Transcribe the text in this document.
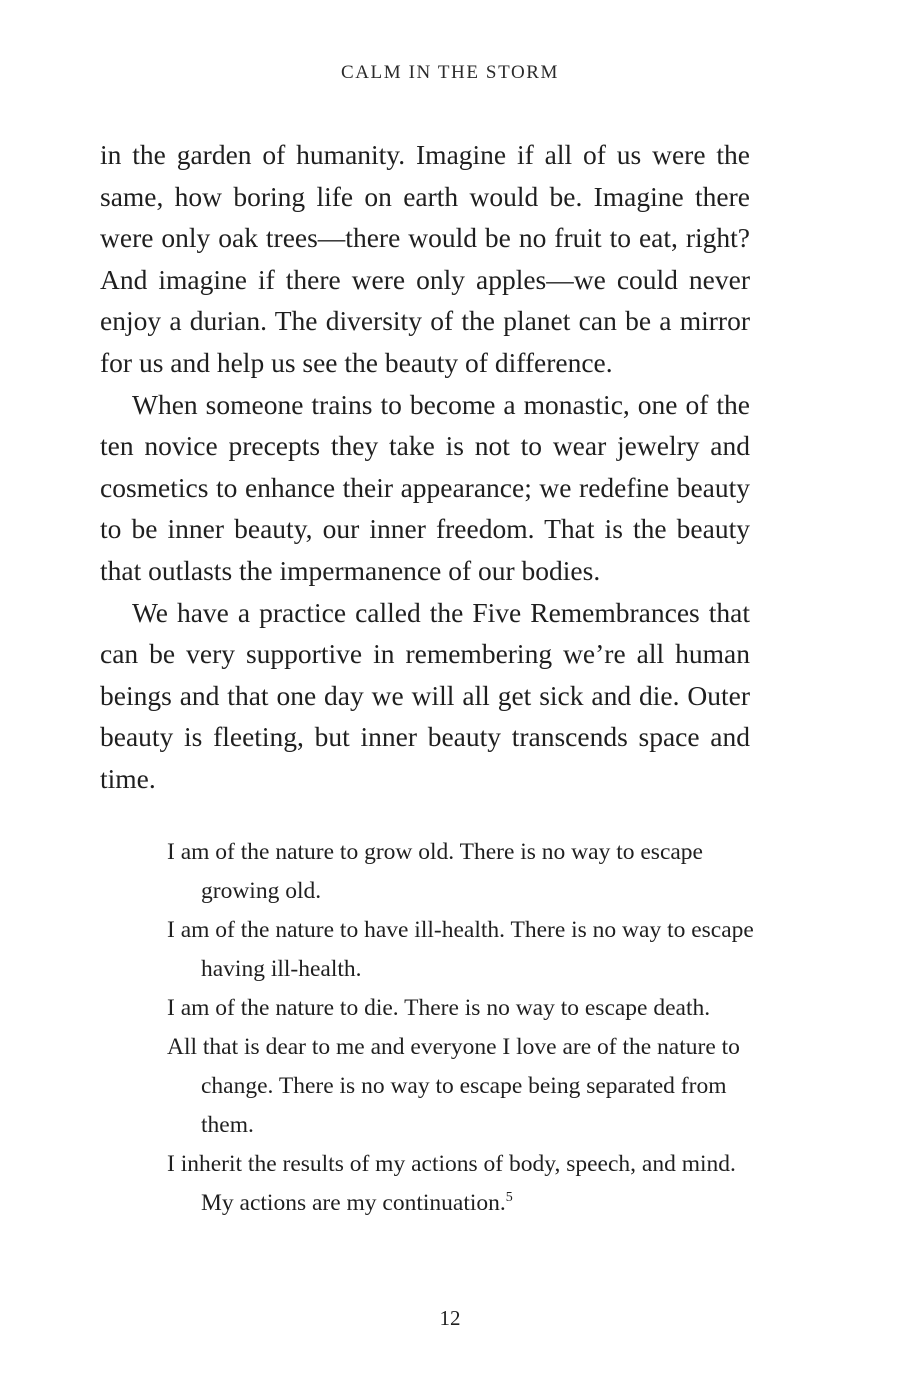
CALM IN THE STORM

in the garden of humanity. Imagine if all of us were the same, how boring life on earth would be. Imagine there were only oak trees—there would be no fruit to eat, right? And imagine if there were only apples—we could never enjoy a durian. The diversity of the planet can be a mirror for us and help us see the beauty of difference.

When someone trains to become a monastic, one of the ten novice precepts they take is not to wear jewelry and cosmetics to enhance their appearance; we redefine beauty to be inner beauty, our inner freedom. That is the beauty that outlasts the impermanence of our bodies.

We have a practice called the Five Remembrances that can be very supportive in remembering we’re all human beings and that one day we will all get sick and die. Outer beauty is fleeting, but inner beauty transcends space and time.

I am of the nature to grow old. There is no way to escape growing old.
I am of the nature to have ill-health. There is no way to escape having ill-health.
I am of the nature to die. There is no way to escape death.
All that is dear to me and everyone I love are of the nature to change. There is no way to escape being separated from them.
I inherit the results of my actions of body, speech, and mind. My actions are my continuation.$^5$
12
